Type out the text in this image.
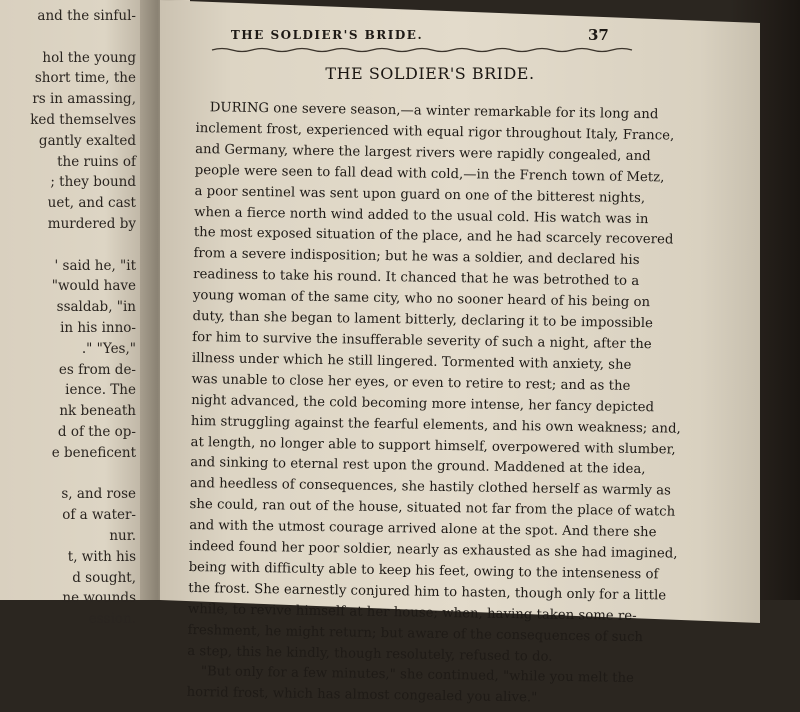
and the sinful-

hol the young
short time, the
rs in amassing,
ked themselves
gantly exalted
the ruins of
; they bound
uet, and cast
murdered by

' said he, "it
"would have
ssaldab, "in
in his inno-
." "Yes,"
es from de-
ience. The
nk beneath
d of the op-
e beneficent

s, and rose
of a water-
nur.
t, with his
d sought,
ne wounds
ession.
THE SOLDIER'S BRIDE.	37
THE SOLDIER'S BRIDE.
DURING one severe season,—a winter remarkable for its long and
inclement frost, experienced with equal rigor throughout Italy, France,
and Germany, where the largest rivers were rapidly congealed, and
people were seen to fall dead with cold,—in the French town of Metz,
a poor sentinel was sent upon guard on one of the bitterest nights,
when a fierce north wind added to the usual cold. His watch was in
the most exposed situation of the place, and he had scarcely recovered
from a severe indisposition; but he was a soldier, and declared his
readiness to take his round. It chanced that he was betrothed to a
young woman of the same city, who no sooner heard of his being on
duty, than she began to lament bitterly, declaring it to be impossible
for him to survive the insufferable severity of such a night, after the
illness under which he still lingered. Tormented with anxiety, she
was unable to close her eyes, or even to retire to rest; and as the
night advanced, the cold becoming more intense, her fancy depicted
him struggling against the fearful elements, and his own weakness; and,
at length, no longer able to support himself, overpowered with slumber,
and sinking to eternal rest upon the ground. Maddened at the idea,
and heedless of consequences, she hastily clothed herself as warmly as
she could, ran out of the house, situated not far from the place of watch
and with the utmost courage arrived alone at the spot. And there she
indeed found her poor soldier, nearly as exhausted as she had imagined,
being with difficulty able to keep his feet, owing to the intenseness of
the frost. She earnestly conjured him to hasten, though only for a little
while, to revive himself at her house; when, having taken some re-
freshment, he might return; but aware of the consequences of such
a step, this he kindly, though resolutely, refused to do.
"But only for a few minutes," she continued, "while you melt the
horrid frost, which has almost congealed you alive."
